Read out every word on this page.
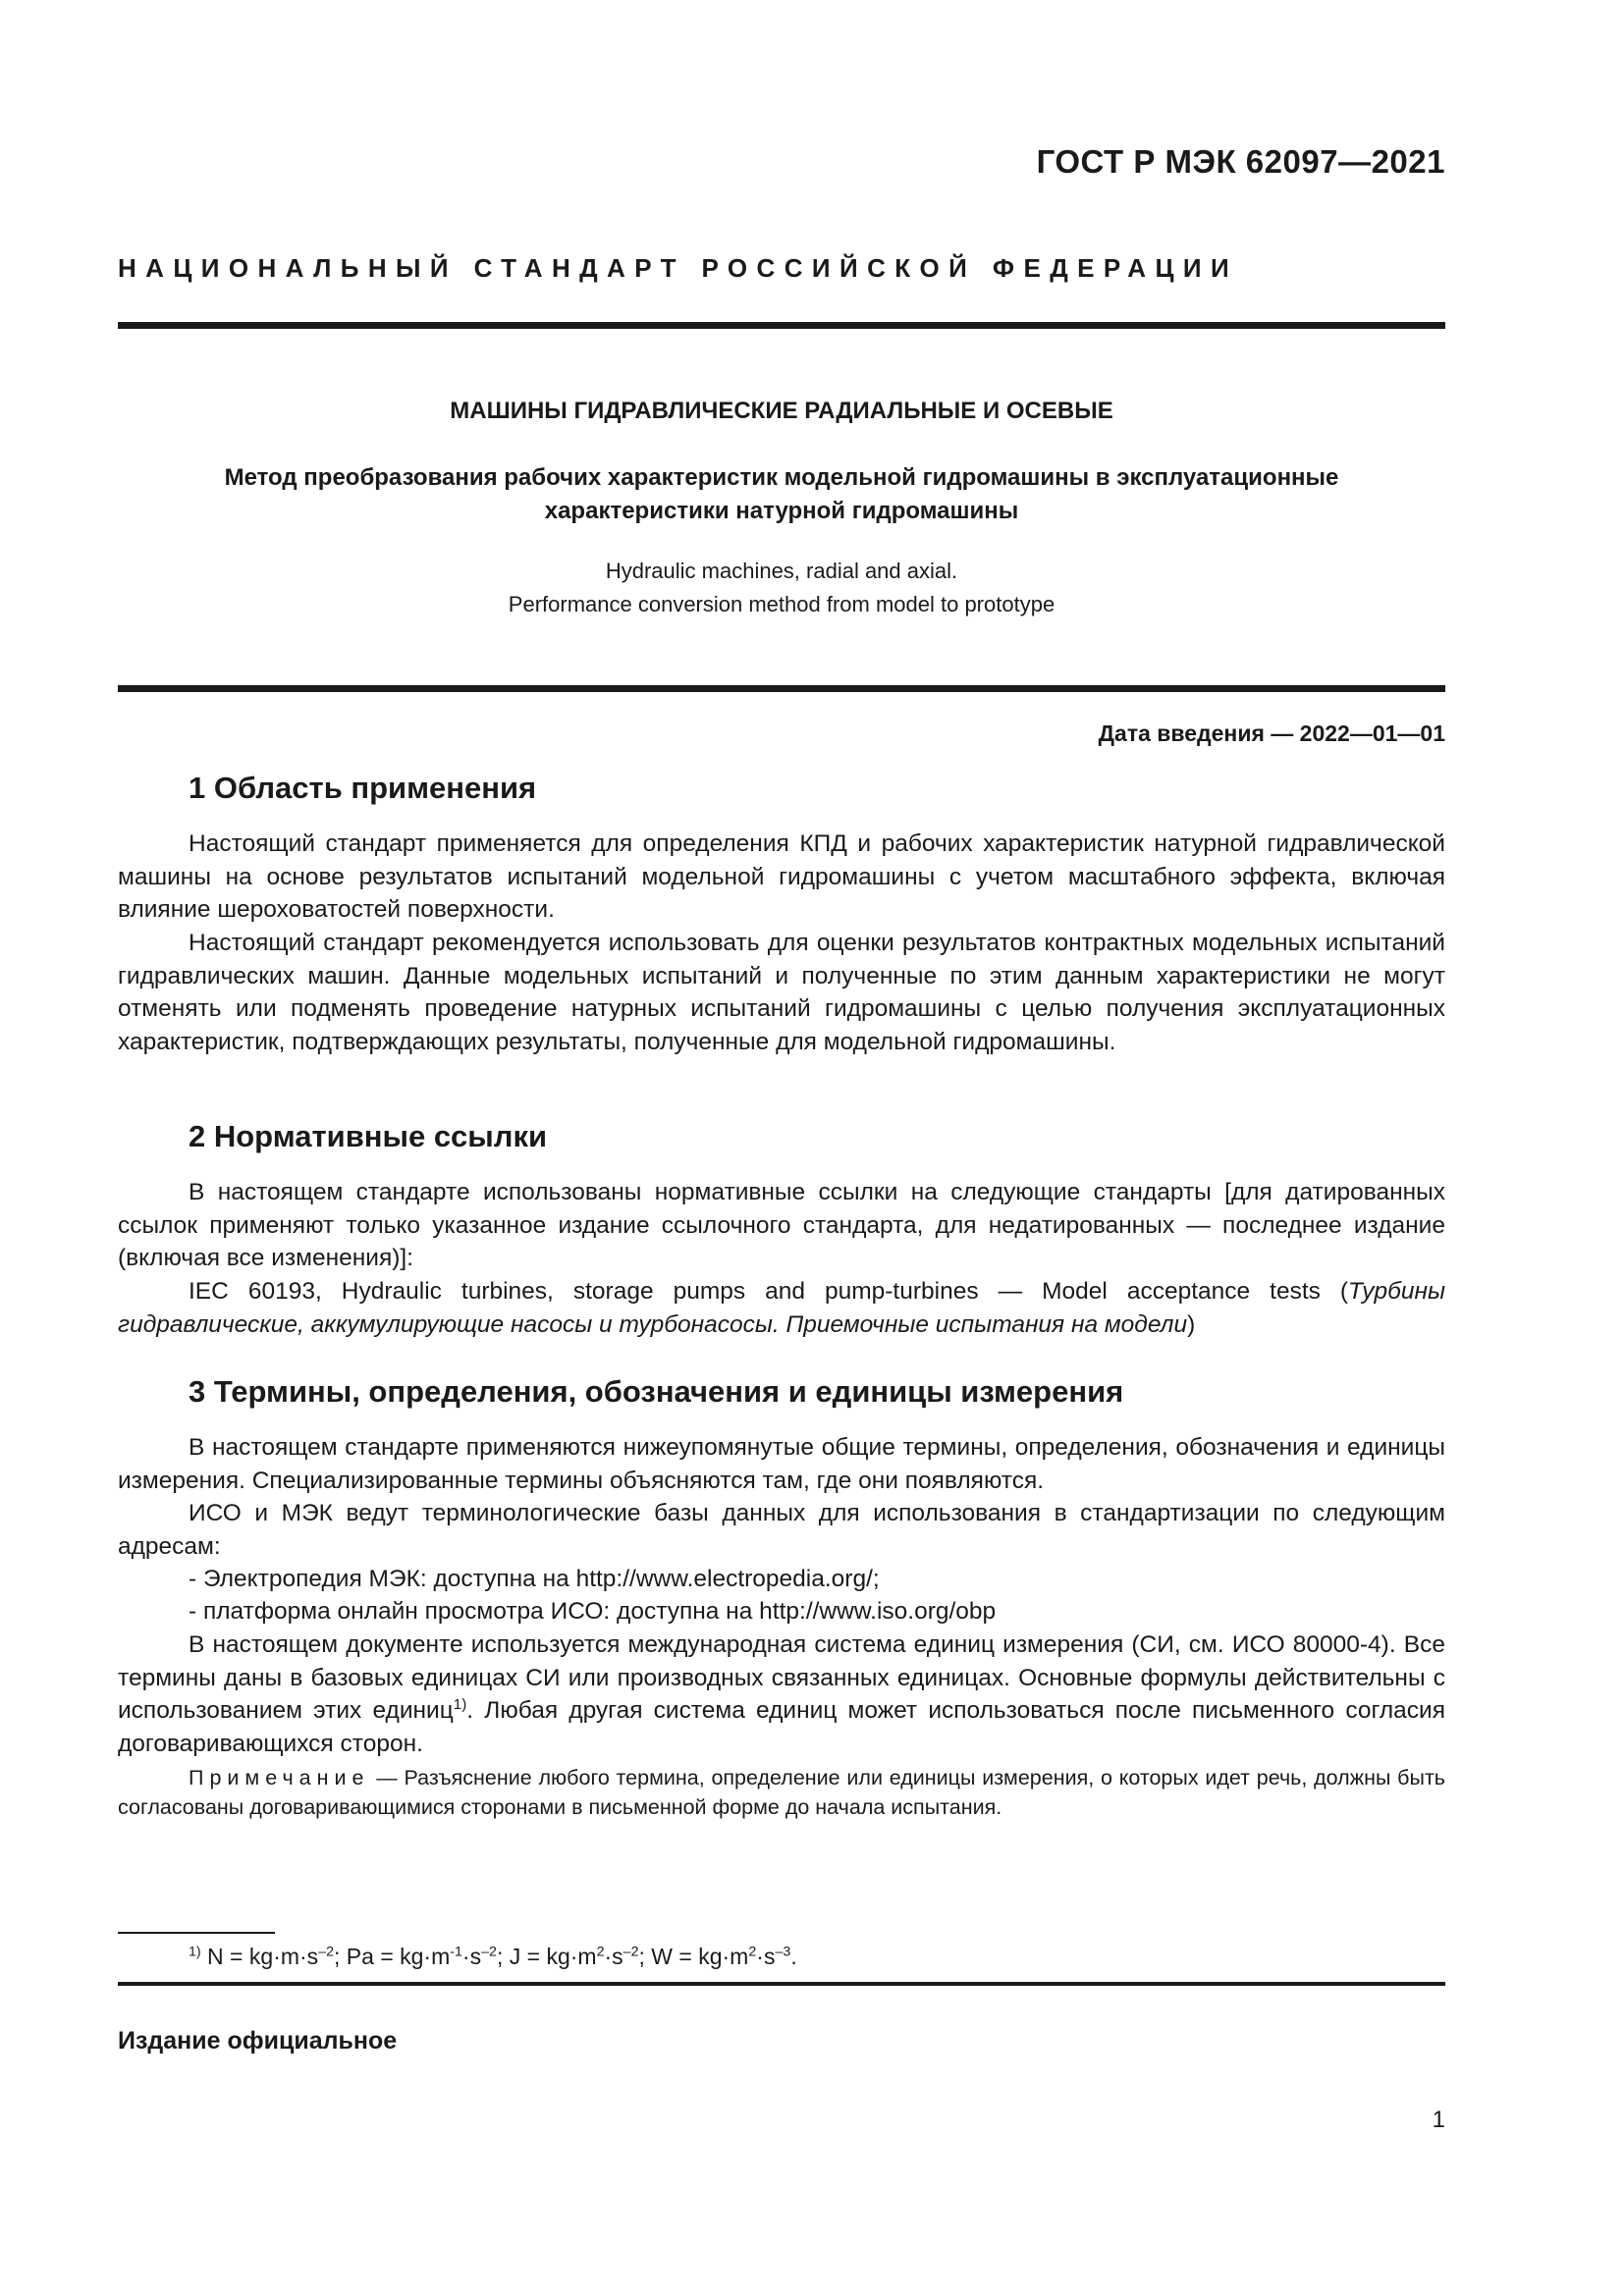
ГОСТ Р МЭК 62097—2021
НАЦИОНАЛЬНЫЙ СТАНДАРТ РОССИЙСКОЙ ФЕДЕРАЦИИ
МАШИНЫ ГИДРАВЛИЧЕСКИЕ РАДИАЛЬНЫЕ И ОСЕВЫЕ
Метод преобразования рабочих характеристик модельной гидромашины в эксплуатационные
характеристики натурной гидромашины
Hydraulic machines, radial and axial.
Performance conversion method from model to prototype
Дата введения — 2022—01—01
1 Область применения

Настоящий стандарт применяется для определения КПД и рабочих характеристик натурной гидравлической машины на основе результатов испытаний модельной гидромашины с учетом масштабного эффекта, включая влияние шероховатостей поверхности.

Настоящий стандарт рекомендуется использовать для оценки результатов контрактных модельных испытаний гидравлических машин. Данные модельных испытаний и полученные по этим данным характеристики не могут отменять или подменять проведение натурных испытаний гидромашины с целью получения эксплуатационных характеристик, подтверждающих результаты, полученные для модельной гидромашины.

2 Нормативные ссылки

В настоящем стандарте использованы нормативные ссылки на следующие стандарты [для датированных ссылок применяют только указанное издание ссылочного стандарта, для недатированных — последнее издание (включая все изменения)]:

IEC 60193, Hydraulic turbines, storage pumps and pump-turbines — Model acceptance tests (Турбины гидравлические, аккумулирующие насосы и турбонасосы. Приемочные испытания на модели)

3 Термины, определения, обозначения и единицы измерения

В настоящем стандарте применяются нижеупомянутые общие термины, определения, обозначения и единицы измерения. Специализированные термины объясняются там, где они появляются.

ИСО и МЭК ведут терминологические базы данных для использования в стандартизации по следующим адресам:

- Электропедия МЭК: доступна на http://www.electropedia.org/;

- платформа онлайн просмотра ИСО: доступна на http://www.iso.org/obp

В настоящем документе используется международная система единиц измерения (СИ, см. ИСО 80000-4). Все термины даны в базовых единицах СИ или производных связанных единицах. Основные формулы действительны с использованием этих единиц$^{1)}$. Любая другая система единиц может использоваться после письменного согласия договаривающихся сторон.

Примечание — Разъяснение любого термина, определение или единицы измерения, о которых идет речь, должны быть согласованы договаривающимися сторонами в письменной форме до начала испытания.

$^{1)}$ $N = kg\cdot m\cdot s^{-2}$; $Pa = kg\cdot m^{-1}\cdot s^{-2}$; $J = kg\cdot m^2\cdot s^{-2}$; $W = kg\cdot m^2\cdot s^{-3}$.
Издание официальное
1
